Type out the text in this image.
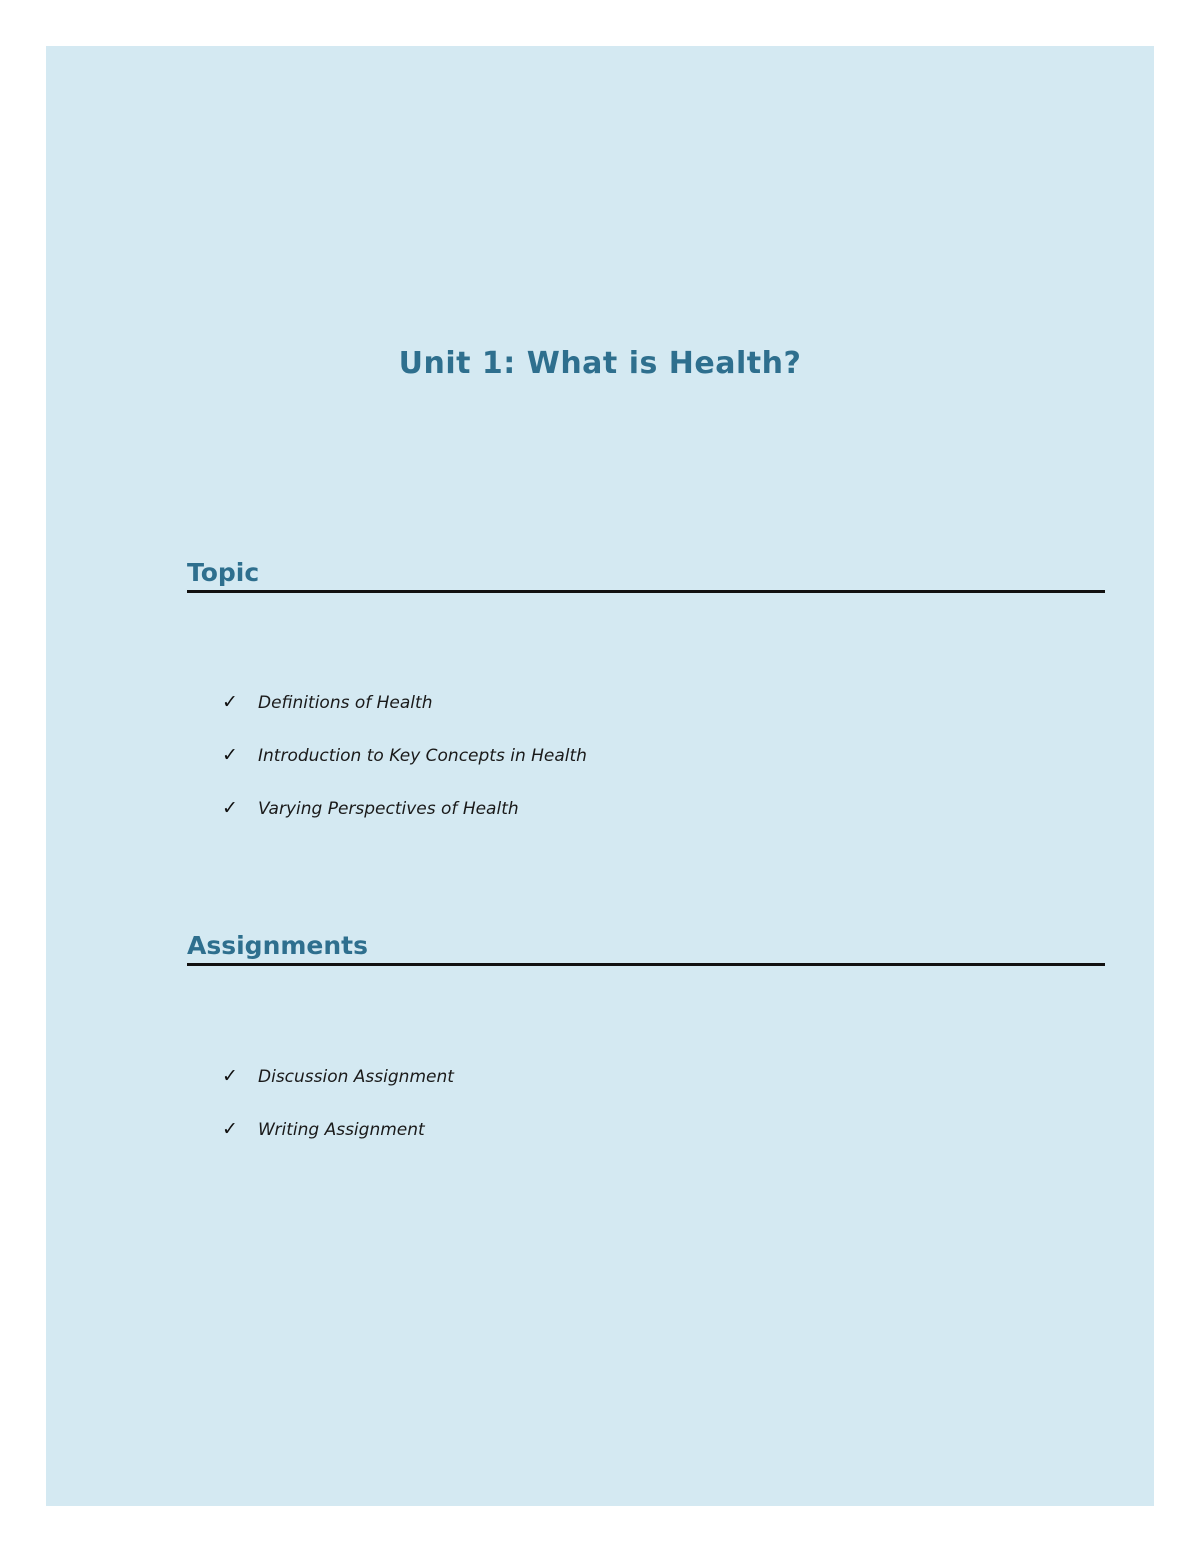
Unit 1: What is Health?
Topic
✓	Definitions of Health
✓	Introduction to Key Concepts in Health
✓	Varying Perspectives of Health
Assignments
✓	Discussion Assignment
✓	Writing Assignment
